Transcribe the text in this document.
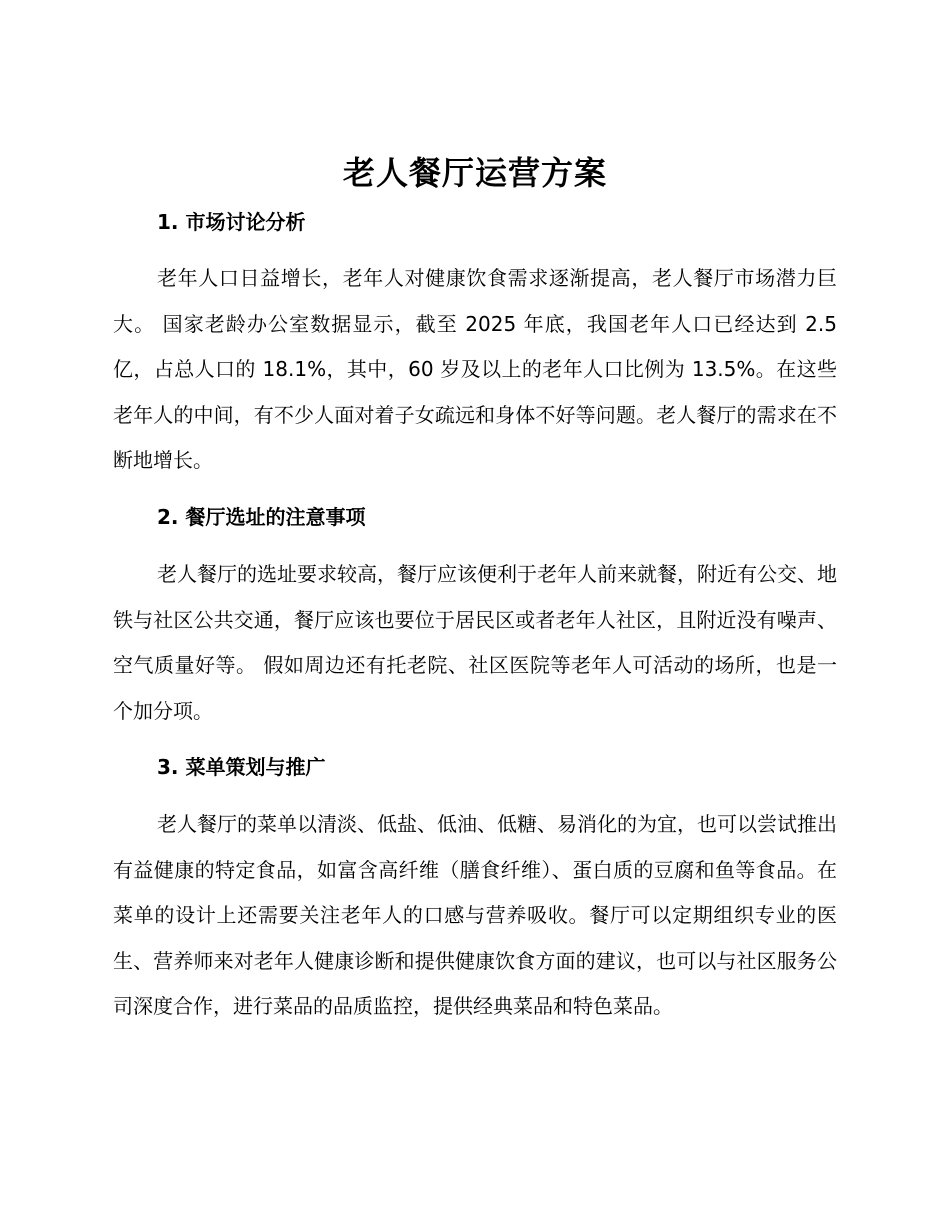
老人餐厅运营方案
1. 市场讨论分析

老年人口日益增长，老年人对健康饮食需求逐渐提高，老人餐厅市场潜力巨大。 国家老龄办公室数据显示，截至 2025 年底，我国老年人口已经达到 2.5 亿，占总人口的 18.1%，其中，60 岁及以上的老年人口比例为 13.5%。在这些老年人的中间，有不少人面对着子女疏远和身体不好等问题。老人餐厅的需求在不断地增长。

2. 餐厅选址的注意事项

老人餐厅的选址要求较高，餐厅应该便利于老年人前来就餐，附近有公交、地铁与社区公共交通，餐厅应该也要位于居民区或者老年人社区，且附近没有噪声、空气质量好等。 假如周边还有托老院、社区医院等老年人可活动的场所，也是一个加分项。

3. 菜单策划与推广

老人餐厅的菜单以清淡、低盐、低油、低糖、易消化的为宜，也可以尝试推出有益健康的特定食品，如富含高纤维（膳食纤维）、蛋白质的豆腐和鱼等食品。在菜单的设计上还需要关注老年人的口感与营养吸收。餐厅可以定期组织专业的医生、营养师来对老年人健康诊断和提供健康饮食方面的建议，也可以与社区服务公司深度合作，进行菜品的品质监控，提供经典菜品和特色菜品。
